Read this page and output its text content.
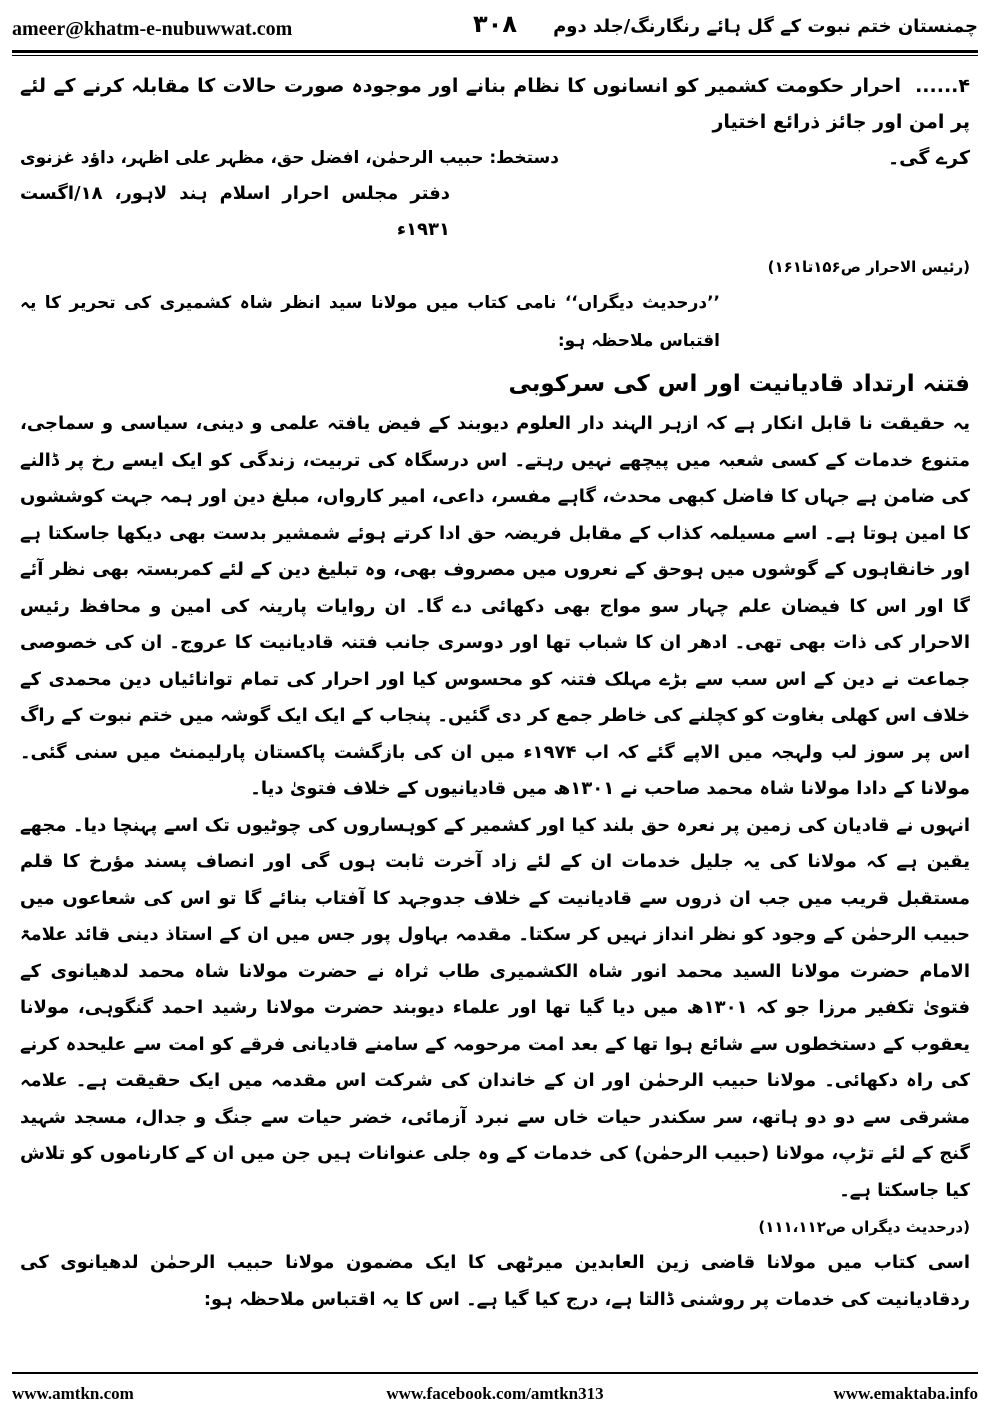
ameer@khatm-e-nubuwwat.com	۳۰۸	چمنستان ختم نبوت کے گل ہائے رنگارنگ/جلد دوم
۴......احرار حکومت کشمیر کو انسانوں کا نظام بنانے اور موجودہ صورت حالات کا مقابلہ کرنے کے لئے پر امن اور جائز ذرائع اختیار
کرے گی۔
دستخط: حبیب الرحمٰن، افضل حق، مظہر علی اظہر، داؤد غزنوی
دفتر مجلس احرار اسلام ہند لاہور، ۱۸/اگست ۱۹۳۱ء
(رئیس الاحرار ص۱۵۶تا۱۶۱)
’’درحدیث دیگراں‘‘ نامی کتاب میں مولانا سید انظر شاہ کشمیری کی تحریر کا یہ اقتباس ملاحظہ ہو:
فتنہ ارتداد قادیانیت اور اس کی سرکوبی

یہ حقیقت نا قابل انکار ہے کہ ازہر الہند دار العلوم دیوبند کے فیض یافتہ علمی و دینی، سیاسی و سماجی، متنوع خدمات کے کسی شعبہ میں پیچھے نہیں رہتے۔ اس درسگاہ کی تربیت، زندگی کو ایک ایسے رخ پر ڈالنے کی ضامن ہے جہاں کا فاضل کبھی محدث، گاہے مفسر، داعی، امیر کارواں، مبلغ دین اور ہمہ جہت کوششوں کا امین ہوتا ہے۔ اسے مسیلمہ کذاب کے مقابل فریضہ حق ادا کرتے ہوئے شمشیر بدست بھی دیکھا جاسکتا ہے اور خانقاہوں کے گوشوں میں ہوحق کے نعروں میں مصروف بھی، وہ تبلیغ دین کے لئے کمربستہ بھی نظر آئے گا اور اس کا فیضان علم چہار سو مواج بھی دکھائی دے گا۔ ان روایات پارینہ کی امین و محافظ رئیس الاحرار کی ذات بھی تھی۔ ادھر ان کا شباب تھا اور دوسری جانب فتنہ قادیانیت کا عروج۔ ان کی خصوصی جماعت نے دین کے اس سب سے بڑے مہلک فتنہ کو محسوس کیا اور احرار کی تمام توانائیاں دین محمدی کے خلاف اس کھلی بغاوت کو کچلنے کی خاطر جمع کر دی گئیں۔ پنجاب کے ایک ایک گوشہ میں ختم نبوت کے راگ اس پر سوز لب ولہجہ میں الاپے گئے کہ اب ۱۹۷۴ء میں ان کی بازگشت پاکستان پارلیمنٹ میں سنی گئی۔ مولانا کے دادا مولانا شاہ محمد صاحب نے ۱۳۰۱ھ میں قادیانیوں کے خلاف فتویٰ دیا۔

انہوں نے قادیان کی زمین پر نعرہ حق بلند کیا اور کشمیر کے کوہساروں کی چوٹیوں تک اسے پہنچا دیا۔ مجھے یقین ہے کہ مولانا کی یہ جلیل خدمات ان کے لئے زاد آخرت ثابت ہوں گی اور انصاف پسند مؤرخ کا قلم مستقبل قریب میں جب ان ذروں سے قادیانیت کے خلاف جدوجہد کا آفتاب بنائے گا تو اس کی شعاعوں میں حبیب الرحمٰن کے وجود کو نظر انداز نہیں کر سکتا۔ مقدمہ بہاول پور جس میں ان کے استاذ دینی قائد علامۃ الامام حضرت مولانا السید محمد انور شاہ الکشمیری طاب ثراہ نے حضرت مولانا شاہ محمد لدھیانوی کے فتویٰ تکفیر مرزا جو کہ ۱۳۰۱ھ میں دیا گیا تھا اور علماء دیوبند حضرت مولانا رشید احمد گنگوہی، مولانا یعقوب کے دستخطوں سے شائع ہوا تھا کے بعد امت مرحومہ کے سامنے قادیانی فرقے کو امت سے علیحدہ کرنے کی راہ دکھائی۔ مولانا حبیب الرحمٰن اور ان کے خاندان کی شرکت اس مقدمہ میں ایک حقیقت ہے۔ علامہ مشرقی سے دو دو ہاتھ، سر سکندر حیات خاں سے نبرد آزمائی، خضر حیات سے جنگ و جدال، مسجد شہید گنج کے لئے تڑپ، مولانا (حبیب الرحمٰن) کی خدمات کے وہ جلی عنوانات ہیں جن میں ان کے کارناموں کو تلاش کیا جاسکتا ہے۔

(درحدیث دیگراں ص۱۱۱،۱۱۲)

اسی کتاب میں مولانا قاضی زین العابدین میرٹھی کا ایک مضمون مولانا حبیب الرحمٰن لدھیانوی کی ردقادیانیت کی خدمات پر روشنی ڈالتا ہے، درج کیا گیا ہے۔ اس کا یہ اقتباس ملاحظہ ہو:

www.amtkn.com	www.facebook.com/amtkn313	www.emaktaba.info
